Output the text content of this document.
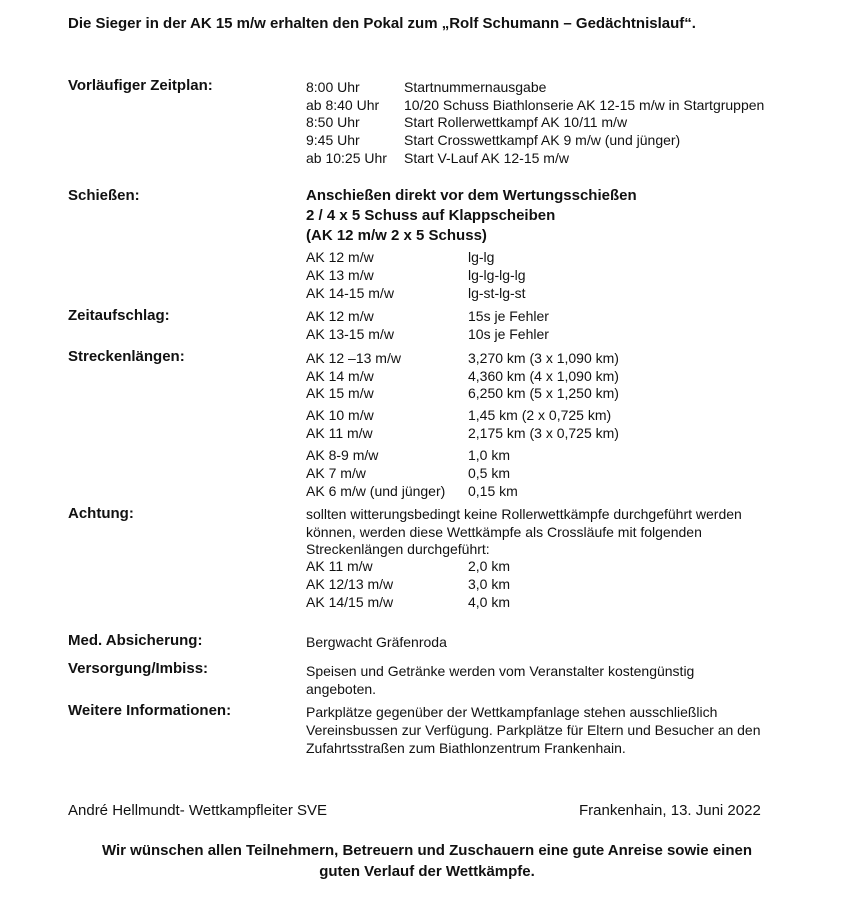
Die Sieger in der AK 15 m/w erhalten den Pokal zum „Rolf Schumann – Gedächtnislauf“.
Vorläufiger Zeitplan:	8:00 Uhr	Startnummernausgabe
ab 8:40 Uhr 10/20 Schuss Biathlonserie AK 12-15 m/w in Startgruppen
8:50 Uhr	Start Rollerwettkampf AK 10/11 m/w
9:45 Uhr	Start Crosswettkampf AK 9 m/w (und jünger)
ab 10:25 Uhr Start V-Lauf AK 12-15 m/w
Schießen:	Anschießen direkt vor dem Wertungsschießen
2 / 4 x 5 Schuss auf Klappscheiben
(AK 12 m/w 2 x 5 Schuss)
AK 12 m/w	lg-lg
AK 13 m/w	lg-lg-lg-lg
AK 14-15 m/w	lg-st-lg-st
Zeitaufschlag:	AK 12 m/w	15s je Fehler
AK 13-15 m/w	10s je Fehler
Streckenlängen:	AK 12 –13 m/w	3,270 km (3 x 1,090 km)
AK 14 m/w	4,360 km (4 x 1,090 km)
AK 15 m/w	6,250 km (5 x 1,250 km)
AK 10 m/w	1,45 km (2 x 0,725 km)
AK 11 m/w	2,175 km (3 x 0,725 km)
AK 8-9 m/w	1,0 km
AK 7 m/w	0,5 km
AK 6 m/w (und jünger) 0,15 km
Achtung:	sollten witterungsbedingt keine Rollerwettkämpfe durchgeführt werden
können, werden diese Wettkämpfe als Crossläufe mit folgenden
Streckenlängen durchgeführt:
AK 11 m/w	2,0 km
AK 12/13 m/w	3,0 km
AK 14/15 m/w	4,0 km
Med. Absicherung:	Bergwacht Gräfenroda
Versorgung/Imbiss:	Speisen und Getränke werden vom Veranstalter kostengünstig
angeboten.
Weitere Informationen:	Parkplätze gegenüber der Wettkampfanlage stehen ausschließlich
Vereinsbussen zur Verfügung. Parkplätze für Eltern und Besucher an den
Zufahrtsstraßen zum Biathlonzentrum Frankenhain.
André Hellmundt- Wettkampfleiter SVE	Frankenhain, 13. Juni 2022
Wir wünschen allen Teilnehmern, Betreuern und Zuschauern eine gute Anreise sowie einen
guten Verlauf der Wettkämpfe.
